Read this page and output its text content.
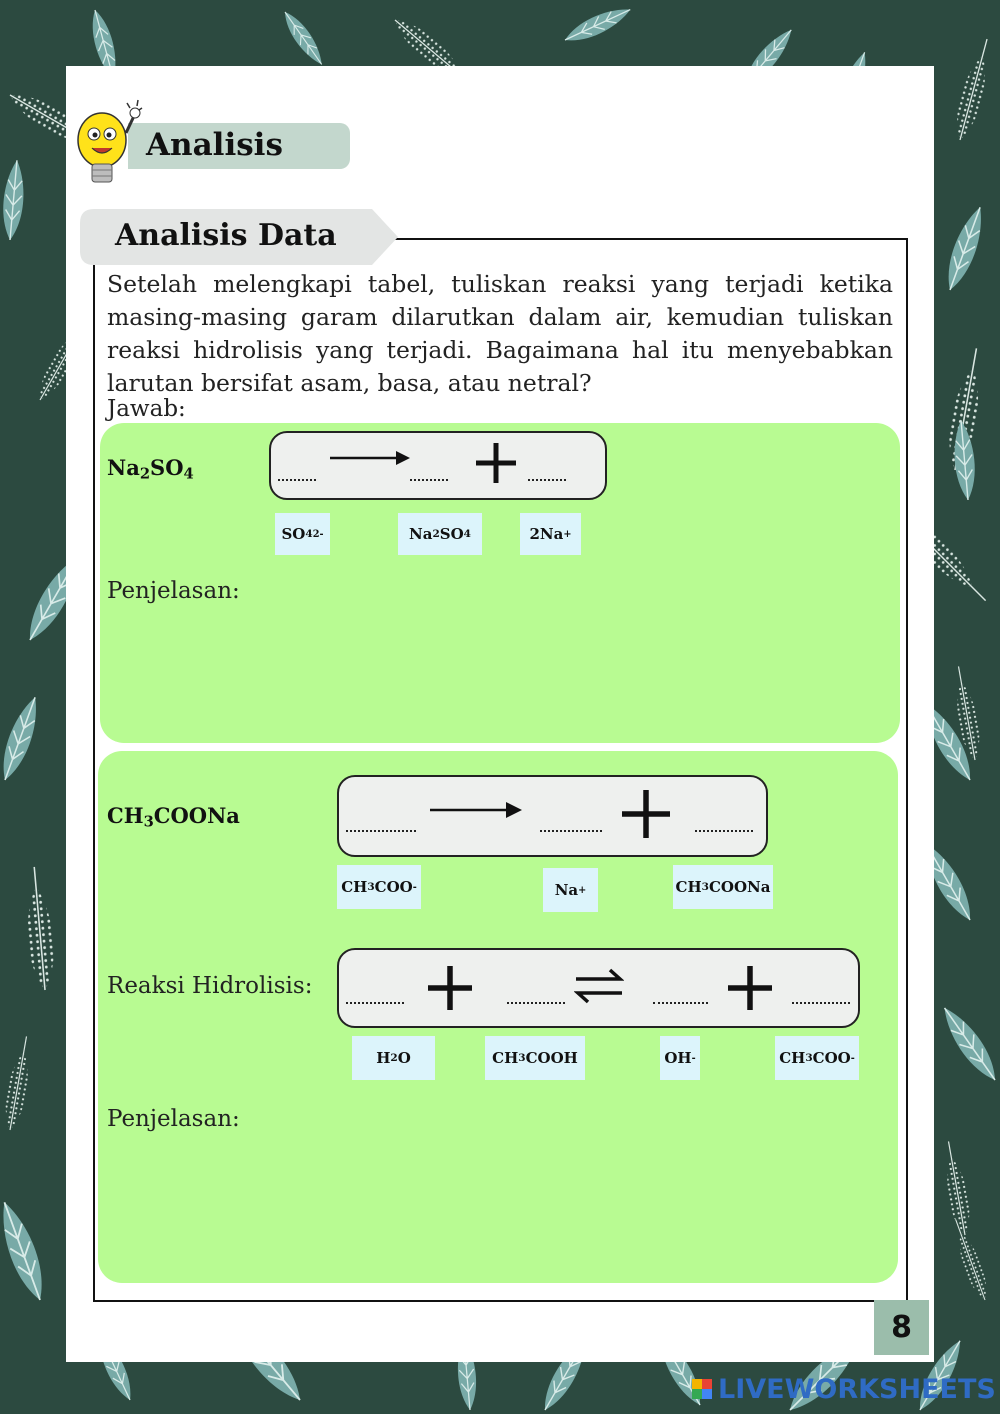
Analisis
Analisis Data
Setelah melengkapi tabel, tuliskan reaksi yang terjadi ketika masing-masing garam dilarutkan dalam air, kemudian tuliskan reaksi hidrolisis yang terjadi. Bagaimana hal itu menyebabkan larutan bersifat asam, basa, atau netral?
Jawab:
$Na_2SO_4$
SO 4 2-	Na 2 SO 4	2Na +
Penjelasan:
$CH_3COONa$
CH 3 COO -	Na +	CH 3 COONa
Reaksi Hidrolisis:
H 2 O	CH 3 COOH	OH -	CH 3 COO -
Penjelasan:
8
LIVEWORKSHEETS
